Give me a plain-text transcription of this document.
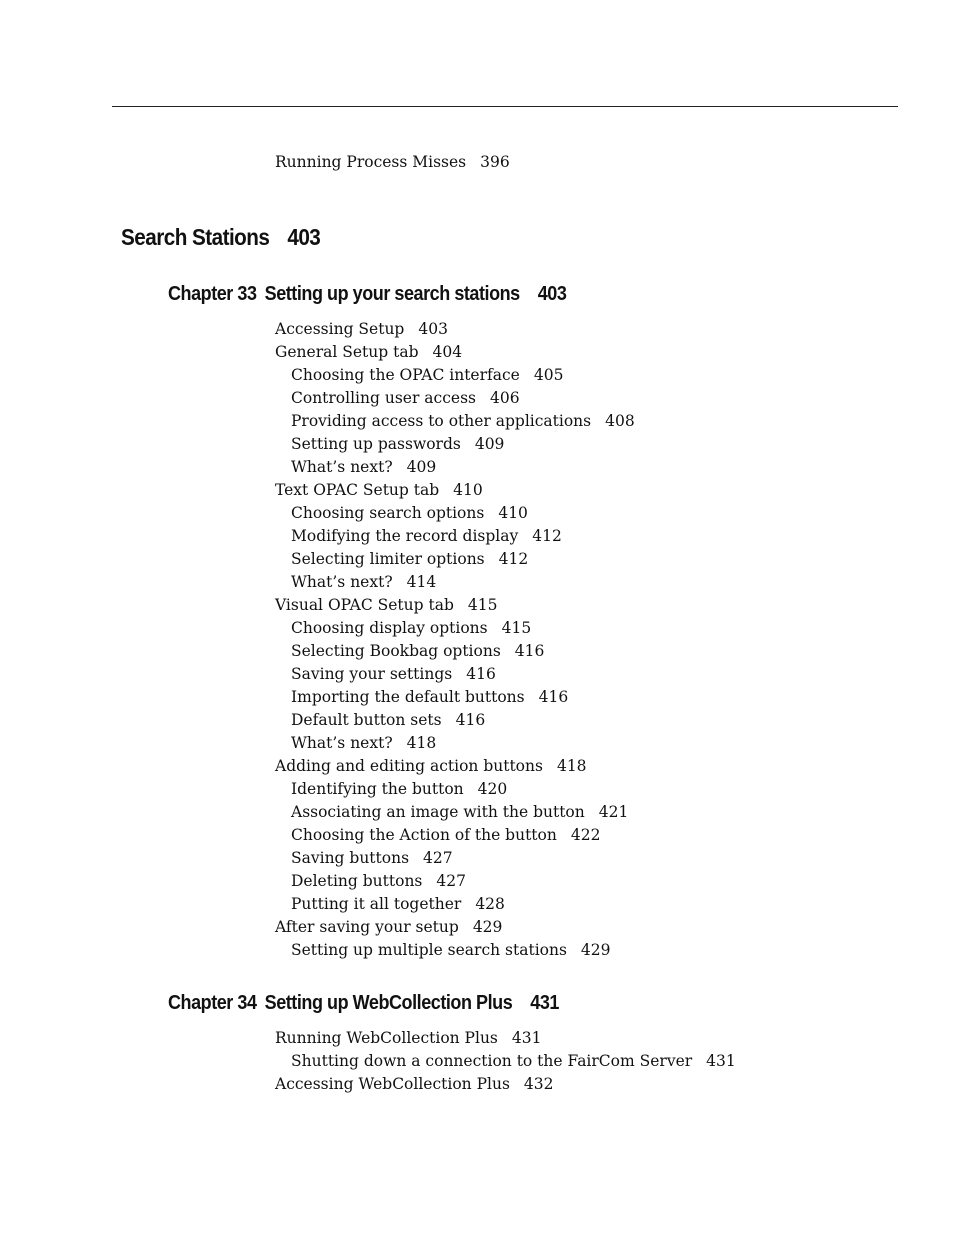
Running Process Misses 396
Search Stations 403
Chapter 33 Setting up your search stations 403
Accessing Setup 403
General Setup tab 404
Choosing the OPAC interface 405
Controlling user access 406
Providing access to other applications 408
Setting up passwords 409
What’s next? 409
Text OPAC Setup tab 410
Choosing search options 410
Modifying the record display 412
Selecting limiter options 412
What’s next? 414
Visual OPAC Setup tab 415
Choosing display options 415
Selecting Bookbag options 416
Saving your settings 416
Importing the default buttons 416
Default button sets 416
What’s next? 418
Adding and editing action buttons 418
Identifying the button 420
Associating an image with the button 421
Choosing the Action of the button 422
Saving buttons 427
Deleting buttons 427
Putting it all together 428
After saving your setup 429
Setting up multiple search stations 429
Chapter 34 Setting up WebCollection Plus 431
Running WebCollection Plus 431
Shutting down a connection to the FairCom Server 431
Accessing WebCollection Plus 432
